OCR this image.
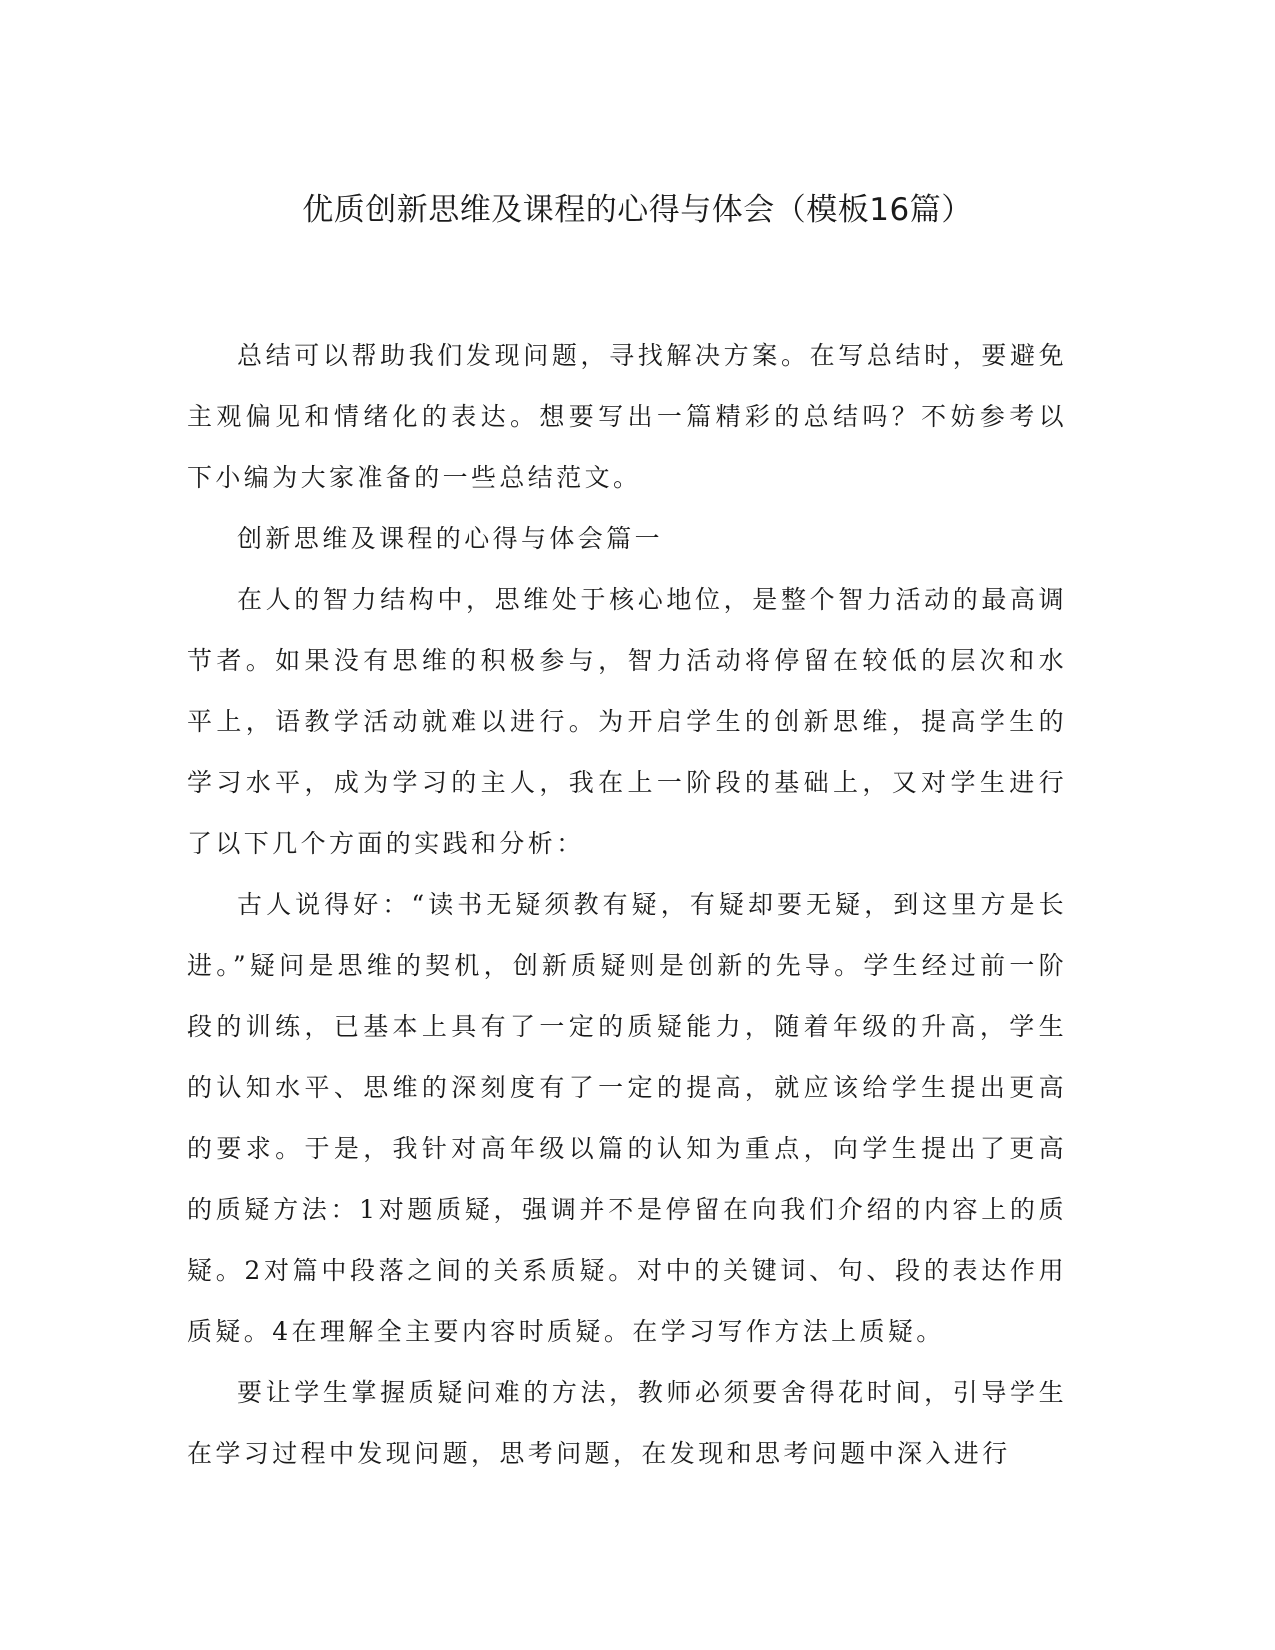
优质创新思维及课程的心得与体会（模板16篇）

总结可以帮助我们发现问题，寻找解决方案。在写总结时，要避免主观偏见和情绪化的表达。想要写出一篇精彩的总结吗？不妨参考以下小编为大家准备的一些总结范文。

创新思维及课程的心得与体会篇一

在人的智力结构中，思维处于核心地位，是整个智力活动的最高调节者。如果没有思维的积极参与，智力活动将停留在较低的层次和水平上，语教学活动就难以进行。为开启学生的创新思维，提高学生的学习水平，成为学习的主人，我在上一阶段的基础上，又对学生进行了以下几个方面的实践和分析：

古人说得好：“读书无疑须教有疑，有疑却要无疑，到这里方是长进。”疑问是思维的契机，创新质疑则是创新的先导。学生经过前一阶段的训练，已基本上具有了一定的质疑能力，随着年级的升高，学生的认知水平、思维的深刻度有了一定的提高，就应该给学生提出更高的要求。于是，我针对高年级以篇的认知为重点，向学生提出了更高的质疑方法：1对题质疑，强调并不是停留在向我们介绍的内容上的质疑。2对篇中段落之间的关系质疑。对中的关键词、句、段的表达作用质疑。4在理解全主要内容时质疑。在学习写作方法上质疑。

要让学生掌握质疑问难的方法，教师必须要舍得花时间，引导学生在学习过程中发现问题，思考问题，在发现和思考问题中深入进行
